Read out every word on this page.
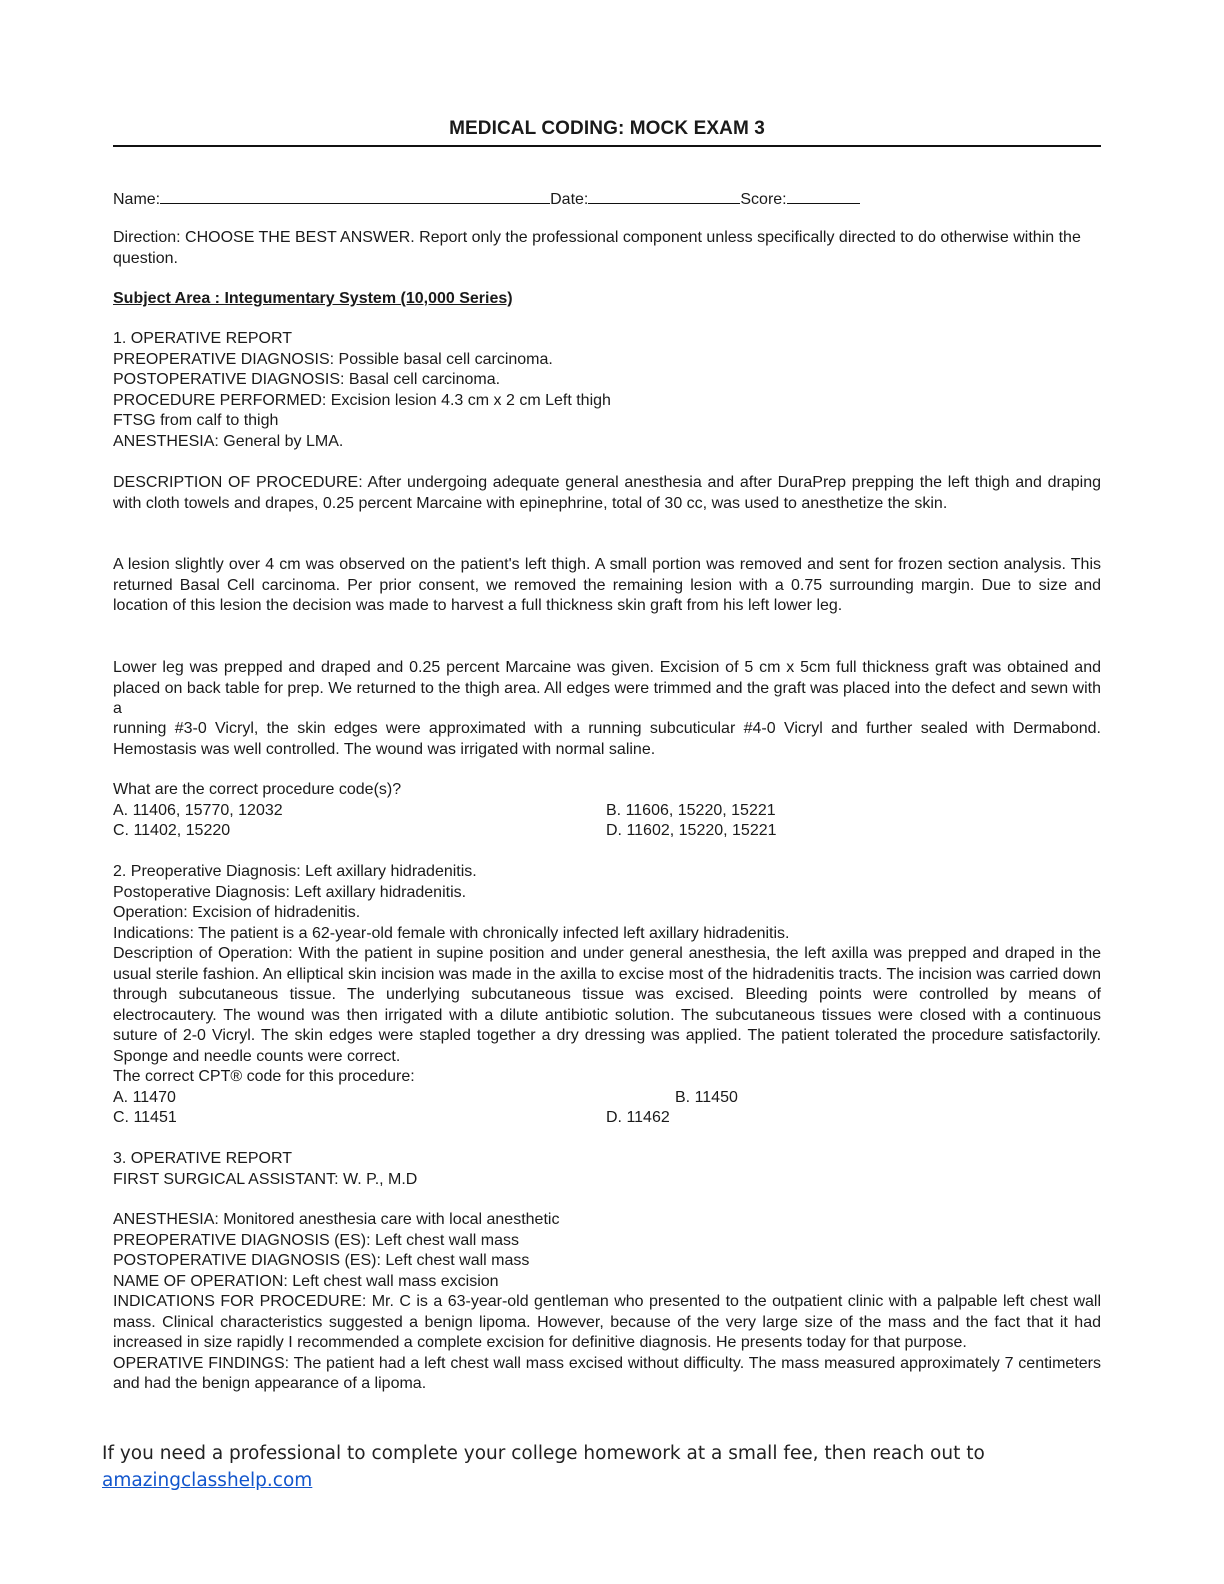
MEDICAL CODING: MOCK EXAM 3
Name:	Date:	Score:
Direction: CHOOSE THE BEST ANSWER. Report only the professional component unless specifically directed to do otherwise within the question.
Subject Area : Integumentary System (10,000 Series)
1. OPERATIVE REPORT
PREOPERATIVE DIAGNOSIS: Possible basal cell carcinoma.
POSTOPERATIVE DIAGNOSIS: Basal cell carcinoma.
PROCEDURE PERFORMED: Excision lesion 4.3 cm x 2 cm Left thigh
FTSG from calf to thigh
ANESTHESIA: General by LMA.
DESCRIPTION OF PROCEDURE: After undergoing adequate general anesthesia and after DuraPrep prepping the left thigh and draping with cloth towels and drapes, 0.25 percent Marcaine with epinephrine, total of 30 cc, was used to anesthetize the skin.
A lesion slightly over 4 cm was observed on the patient's left thigh. A small portion was removed and sent for frozen section analysis. This returned Basal Cell carcinoma. Per prior consent, we removed the remaining lesion with a 0.75 surrounding margin. Due to size and location of this lesion the decision was made to harvest a full thickness skin graft from his left lower leg.
Lower leg was prepped and draped and 0.25 percent Marcaine was given. Excision of 5 cm x 5cm full thickness graft was obtained and placed on back table for prep. We returned to the thigh area. All edges were trimmed and the graft was placed into the defect and sewn with a
running #3-0 Vicryl, the skin edges were approximated with a running subcuticular #4-0 Vicryl and further sealed with Dermabond. Hemostasis was well controlled. The wound was irrigated with normal saline.
What are the correct procedure code(s)?
A. 11406, 15770, 12032	B. 11606, 15220, 15221
C. 11402, 15220	D. 11602, 15220, 15221
2. Preoperative Diagnosis: Left axillary hidradenitis.
Postoperative Diagnosis: Left axillary hidradenitis.
Operation: Excision of hidradenitis.
Indications: The patient is a 62-year-old female with chronically infected left axillary hidradenitis.
Description of Operation: With the patient in supine position and under general anesthesia, the left axilla was prepped and draped in the usual sterile fashion. An elliptical skin incision was made in the axilla to excise most of the hidradenitis tracts. The incision was carried down through subcutaneous tissue. The underlying subcutaneous tissue was excised. Bleeding points were controlled by means of electrocautery. The wound was then irrigated with a dilute antibiotic solution. The subcutaneous tissues were closed with a continuous suture of 2-0 Vicryl. The skin edges were stapled together a dry dressing was applied. The patient tolerated the procedure satisfactorily. Sponge and needle counts were correct.
The correct CPT® code for this procedure:
A. 11470	B. 11450
C. 11451	D. 11462
3. OPERATIVE REPORT
FIRST SURGICAL ASSISTANT: W. P., M.D
ANESTHESIA: Monitored anesthesia care with local anesthetic
PREOPERATIVE DIAGNOSIS (ES): Left chest wall mass
POSTOPERATIVE DIAGNOSIS (ES): Left chest wall mass
NAME OF OPERATION: Left chest wall mass excision
INDICATIONS FOR PROCEDURE: Mr. C is a 63-year-old gentleman who presented to the outpatient clinic with a palpable left chest wall mass. Clinical characteristics suggested a benign lipoma. However, because of the very large size of the mass and the fact that it had increased in size rapidly I recommended a complete excision for definitive diagnosis. He presents today for that purpose.
OPERATIVE FINDINGS: The patient had a left chest wall mass excised without difficulty. The mass measured approximately 7 centimeters and had the benign appearance of a lipoma.
If you need a professional to complete your college homework at a small fee, then reach out to
amazingclasshelp.com
